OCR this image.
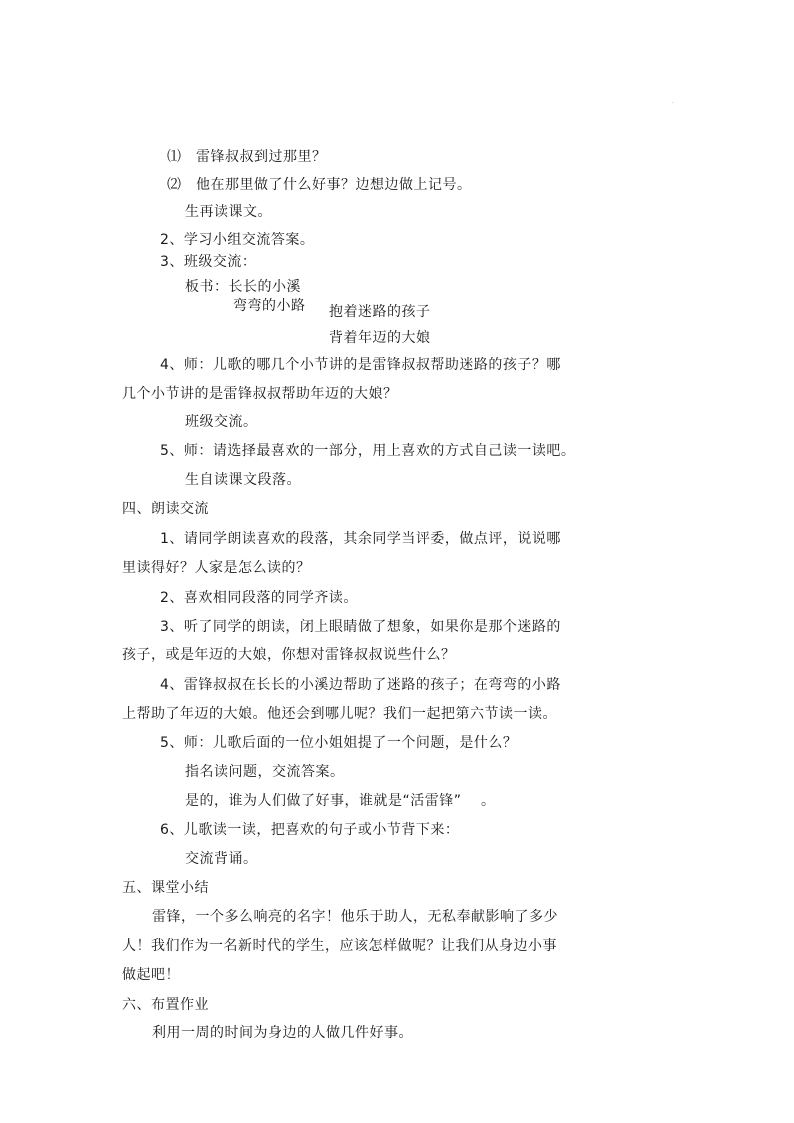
.
⑴　雷锋叔叔到过那里？
⑵　他在那里做了什么好事？边想边做上记号。
生再读课文。
2、学习小组交流答案。
3、班级交流：
板书：长长的小溪
弯弯的小路 抱着迷路的孩子
背着年迈的大娘
4、师：儿歌的哪几个小节讲的是雷锋叔叔帮助迷路的孩子？哪
几个小节讲的是雷锋叔叔帮助年迈的大娘？
班级交流。
5、师：请选择最喜欢的一部分，用上喜欢的方式自己读一读吧。
生自读课文段落。
四、朗读交流
1、请同学朗读喜欢的段落，其余同学当评委，做点评，说说哪
里读得好？人家是怎么读的？
2、喜欢相同段落的同学齐读。
3、听了同学的朗读，闭上眼睛做了想象，如果你是那个迷路的
孩子，或是年迈的大娘，你想对雷锋叔叔说些什么？
4、雷锋叔叔在长长的小溪边帮助了迷路的孩子；在弯弯的小路
上帮助了年迈的大娘。他还会到哪儿呢？我们一起把第六节读一读。
5、师：儿歌后面的一位小姐姐提了一个问题，是什么？
指名读问题，交流答案。
是的，谁为人们做了好事，谁就是“活雷锋”　 。
6、儿歌读一读，把喜欢的句子或小节背下来：
交流背诵。
五、课堂小结
雷锋，一个多么响亮的名字！他乐于助人，无私奉献影响了多少
人！我们作为一名新时代的学生，应该怎样做呢？让我们从身边小事
做起吧！
六、布置作业
利用一周的时间为身边的人做几件好事。
